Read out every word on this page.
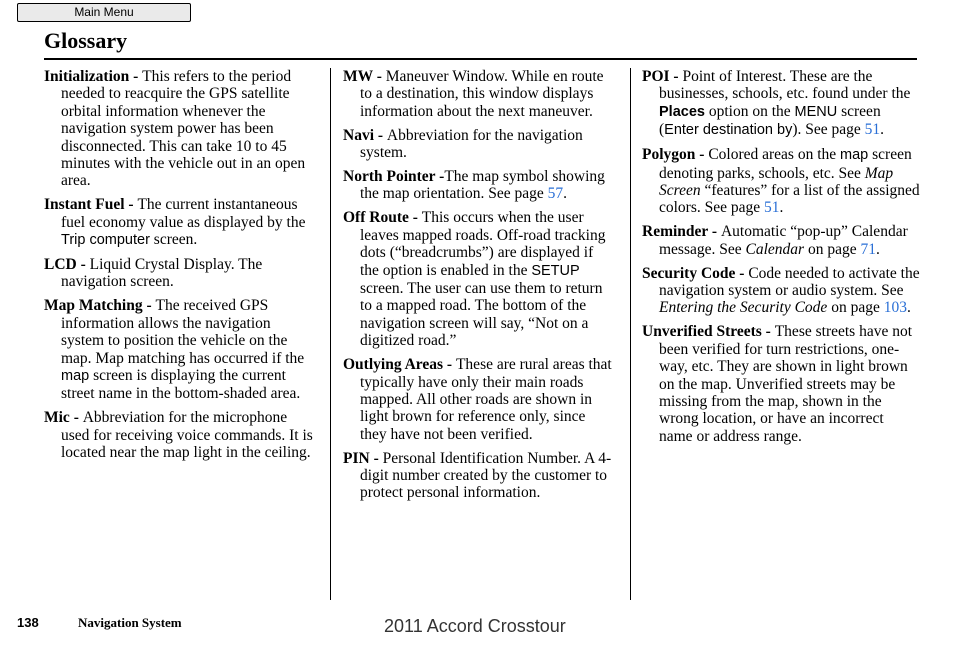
Main Menu
Glossary

Initialization - This refers to the period needed to reacquire the GPS satellite orbital information whenever the navigation system power has been disconnected. This can take 10 to 45 minutes with the vehicle out in an open area.

Instant Fuel - The current instantaneous fuel economy value as displayed by the Trip computer screen.

LCD - Liquid Crystal Display. The navigation screen.

Map Matching - The received GPS information allows the navigation system to position the vehicle on the map. Map matching has occurred if the map screen is displaying the current street name in the bottom-shaded area.

Mic - Abbreviation for the microphone used for receiving voice commands. It is located near the map light in the ceiling.

MW - Maneuver Window. While en route to a destination, this window displays information about the next maneuver.

Navi - Abbreviation for the navigation system.

North Pointer -The map symbol showing the map orientation. See page 57.

Off Route - This occurs when the user leaves mapped roads. Off-road tracking dots (“breadcrumbs”) are displayed if the option is enabled in the SETUP screen. The user can use them to return to a mapped road. The bottom of the navigation screen will say, “Not on a digitized road.”

Outlying Areas - These are rural areas that typically have only their main roads mapped. All other roads are shown in light brown for reference only, since they have not been verified.

PIN - Personal Identification Number. A 4-digit number created by the customer to protect personal information.

POI - Point of Interest. These are the businesses, schools, etc. found under the Places option on the MENU screen (Enter destination by). See page 51.

Polygon - Colored areas on the map screen denoting parks, schools, etc. See Map Screen “features” for a list of the assigned colors. See page 51.

Reminder - Automatic “pop-up” Calendar message. See Calendar on page 71.

Security Code - Code needed to activate the navigation system or audio system. See Entering the Security Code on page 103.

Unverified Streets - These streets have not been verified for turn restrictions, one-way, etc. They are shown in light brown on the map. Unverified streets may be missing from the map, shown in the wrong location, or have an incorrect name or address range.

138	Navigation System	2011 Accord Crosstour
